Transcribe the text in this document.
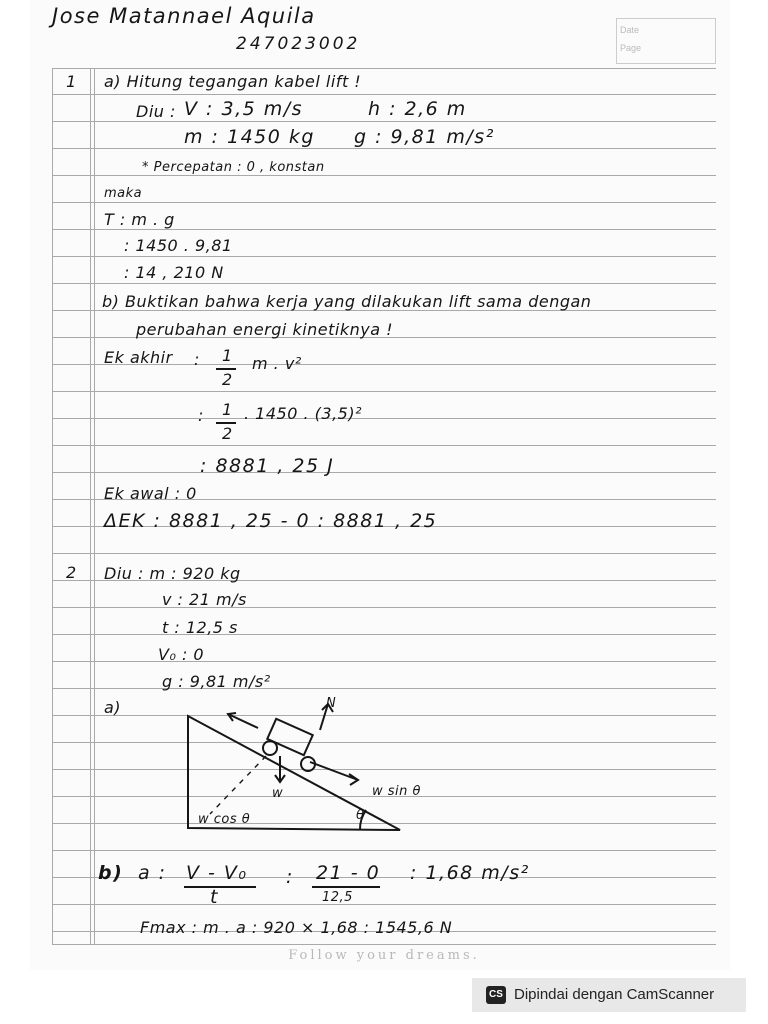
Date
Page
Jose Matannael Aquila
247023002
1 a) Hitung tegangan kabel lift !
Diu : V : 3,5 m/s	h : 2,6 m
m : 1450 kg g : 9,81 m/s²
* Percepatan : 0 , konstan
maka
T : m . g
: 1450 . 9,81
: 14 , 210 N
b) Buktikan bahwa kerja yang dilakukan lift sama dengan
perubahan energi kinetiknya !
Ek akhir : 1
2
m . v²
: 1
2
. 1450 . (3,5)²
: 8881 , 25 J
Ek awal : 0
ΔEK : 8881 , 25 - 0 : 8881 , 25
2 Diu : m : 920 kg
v : 21 m/s
t : 12,5 s
V₀ : 0
g : 9,81 m/s²
a)	N
w	w sin θ
w cos θ	θ
b) a : V - V₀
t
: 21 - 0
12,5
: 1,68 m/s²
Fmax : m . a : 920 × 1,68 : 1545,6 N
Follow your dreams.
CS Dipindai dengan CamScanner
